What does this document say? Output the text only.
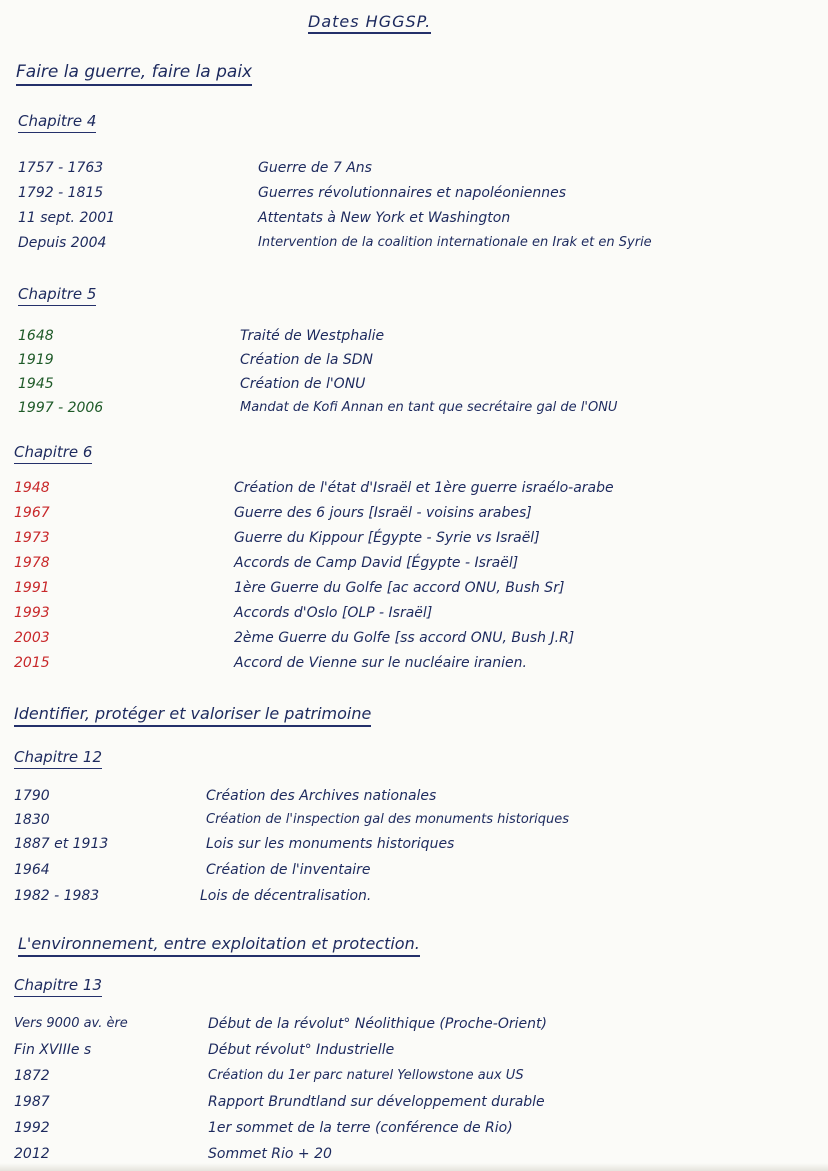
Dates HGGSP.
Faire la guerre, faire la paix
Chapitre 4
1757 - 1763	Guerre de 7 Ans
1792 - 1815	Guerres révolutionnaires et napoléoniennes
11 sept. 2001	Attentats à New York et Washington
Depuis 2004	Intervention de la coalition internationale en Irak et en Syrie
Chapitre 5
1648	Traité de Westphalie
1919	Création de la SDN
1945	Création de l'ONU
1997 - 2006	Mandat de Kofi Annan en tant que secrétaire gal de l'ONU
Chapitre 6
1948	Création de l'état d'Israël et 1ère guerre israélo-arabe
1967	Guerre des 6 jours [Israël - voisins arabes]
1973	Guerre du Kippour [Égypte - Syrie vs Israël]
1978	Accords de Camp David [Égypte - Israël]
1991	1ère Guerre du Golfe [ac accord ONU, Bush Sr]
1993	Accords d'Oslo [OLP - Israël]
2003	2ème Guerre du Golfe [ss accord ONU, Bush J.R]
2015	Accord de Vienne sur le nucléaire iranien.
Identifier, protéger et valoriser le patrimoine
Chapitre 12
1790	Création des Archives nationales
1830	Création de l'inspection gal des monuments historiques
1887 et 1913	Lois sur les monuments historiques
1964	Création de l'inventaire
1982 - 1983	Lois de décentralisation.
L'environnement, entre exploitation et protection.
Chapitre 13
Vers 9000 av. ère	Début de la révolut° Néolithique (Proche-Orient)
Fin XVIIIe s	Début révolut° Industrielle
1872	Création du 1er parc naturel Yellowstone aux US
1987	Rapport Brundtland sur développement durable
1992	1er sommet de la terre (conférence de Rio)
2012	Sommet Rio + 20
